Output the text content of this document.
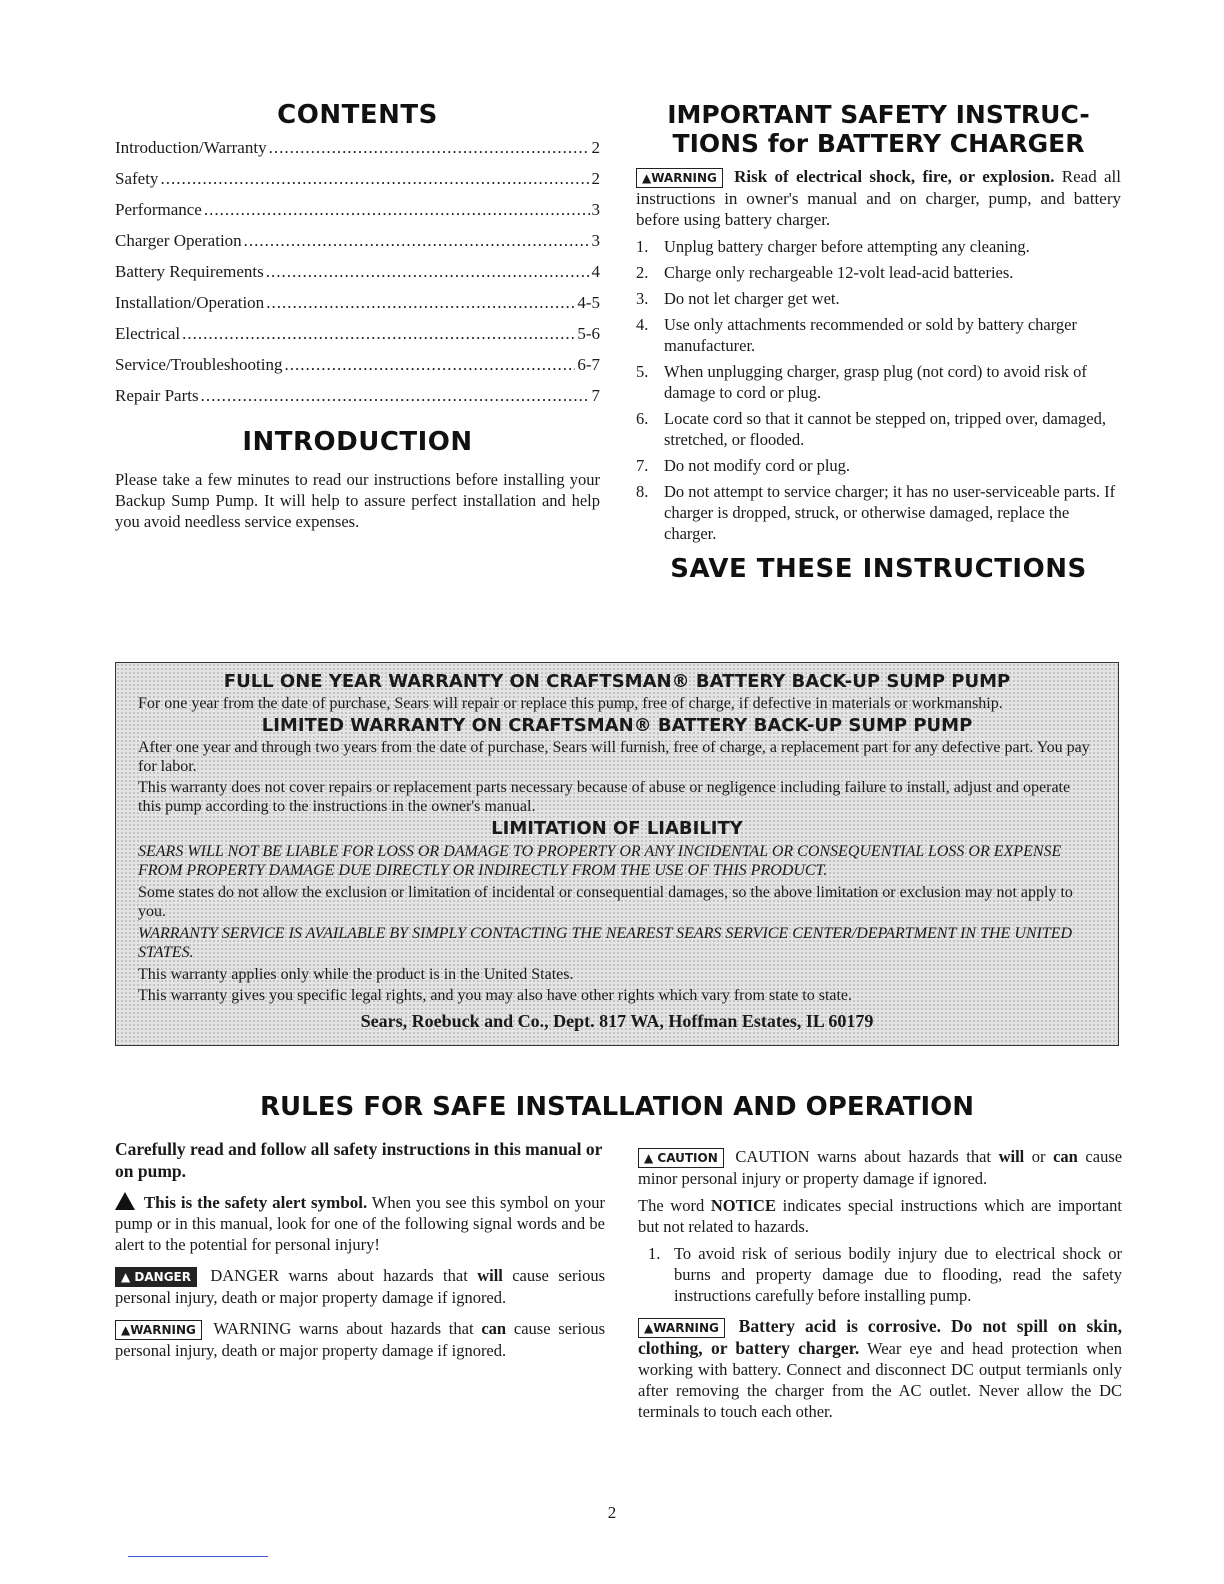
CONTENTS
Introduction/Warranty .....	2
Safety .....	2
Performance .....	3
Charger Operation .....	3
Battery Requirements .....	4
Installation/Operation .....	4-5
Electrical .....	5-6
Service/Troubleshooting .....	6-7
Repair Parts .....	7
INTRODUCTION
Please take a few minutes to read our instructions before installing your Backup Sump Pump. It will help to assure perfect installation and help you avoid needless service expenses.
IMPORTANT SAFETY INSTRUC-
TIONS for BATTERY CHARGER
▲WARNING Risk of electrical shock, fire, or explosion. Read all instructions in owner's manual and on charger, pump, and battery before using battery charger.
1. Unplug battery charger before attempting any cleaning.
2. Charge only rechargeable 12-volt lead-acid batteries.
3. Do not let charger get wet.
4. Use only attachments recommended or sold by battery charger manufacturer.
5. When unplugging charger, grasp plug (not cord) to avoid risk of damage to cord or plug.
6. Locate cord so that it cannot be stepped on, tripped over, damaged, stretched, or flooded.
7. Do not modify cord or plug.
8. Do not attempt to service charger; it has no user-serviceable parts. If charger is dropped, struck, or otherwise damaged, replace the charger.
SAVE THESE INSTRUCTIONS
FULL ONE YEAR WARRANTY ON CRAFTSMAN® BATTERY BACK-UP SUMP PUMP
For one year from the date of purchase, Sears will repair or replace this pump, free of charge, if defective in materials or workmanship.
LIMITED WARRANTY ON CRAFTSMAN® BATTERY BACK-UP SUMP PUMP
After one year and through two years from the date of purchase, Sears will furnish, free of charge, a replacement part for any defective part. You pay for labor.
This warranty does not cover repairs or replacement parts necessary because of abuse or negligence including failure to install, adjust and operate this pump according to the instructions in the owner's manual.
LIMITATION OF LIABILITY
SEARS WILL NOT BE LIABLE FOR LOSS OR DAMAGE TO PROPERTY OR ANY INCIDENTAL OR CONSEQUENTIAL LOSS OR EXPENSE FROM PROPERTY DAMAGE DUE DIRECTLY OR INDIRECTLY FROM THE USE OF THIS PRODUCT.
Some states do not allow the exclusion or limitation of incidental or consequential damages, so the above limitation or exclusion may not apply to you.
WARRANTY SERVICE IS AVAILABLE BY SIMPLY CONTACTING THE NEAREST SEARS SERVICE CENTER/DEPARTMENT IN THE UNITED STATES.
This warranty applies only while the product is in the United States.
This warranty gives you specific legal rights, and you may also have other rights which vary from state to state.
Sears, Roebuck and Co., Dept. 817 WA, Hoffman Estates, IL 60179
RULES FOR SAFE INSTALLATION AND OPERATION
Carefully read and follow all safety instructions in this manual or on pump.
This is the safety alert symbol. When you see this symbol on your pump or in this manual, look for one of the following signal words and be alert to the potential for personal injury!
▲ DANGER DANGER warns about hazards that will cause serious personal injury, death or major property damage if ignored.
▲WARNING WARNING warns about hazards that can cause serious personal injury, death or major property damage if ignored.
▲ CAUTION CAUTION warns about hazards that will or can cause minor personal injury or property damage if ignored.
The word NOTICE indicates special instructions which are important but not related to hazards.
1. To avoid risk of serious bodily injury due to electrical shock or burns and property damage due to flooding, read the safety instructions carefully before installing pump.
▲WARNING Battery acid is corrosive. Do not spill on skin, clothing, or battery charger. Wear eye and head protection when working with battery. Connect and disconnect DC output termianls only after removing the charger from the AC outlet. Never allow the DC terminals to touch each other.
2
